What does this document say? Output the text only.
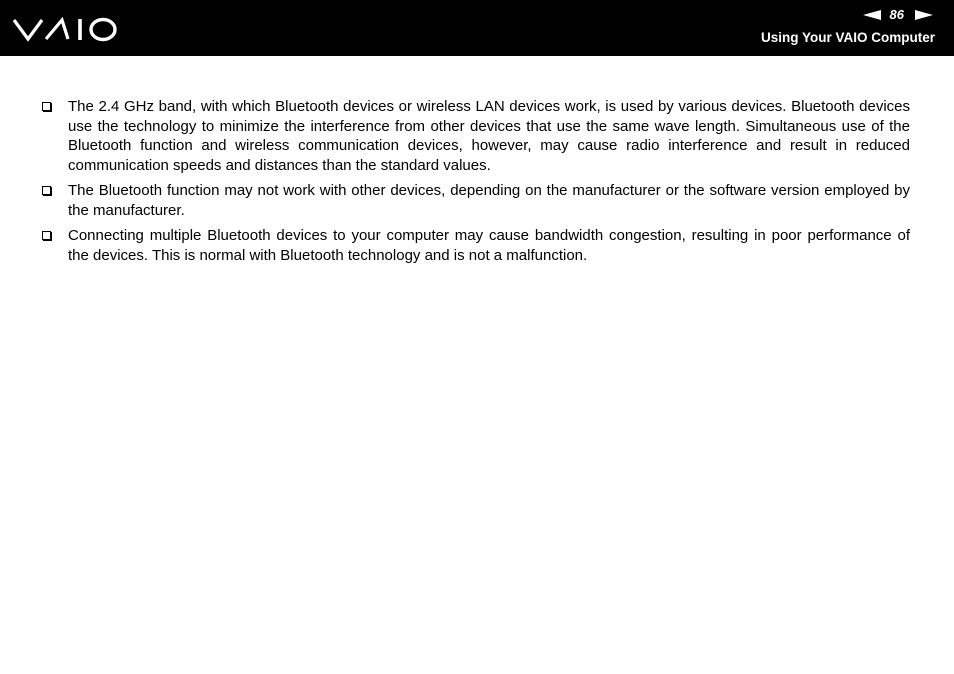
86
Using Your VAIO Computer
The 2.4 GHz band, with which Bluetooth devices or wireless LAN devices work, is used by various devices. Bluetooth devices use the technology to minimize the interference from other devices that use the same wave length. Simultaneous use of the Bluetooth function and wireless communication devices, however, may cause radio interference and result in reduced communication speeds and distances than the standard values.
The Bluetooth function may not work with other devices, depending on the manufacturer or the software version employed by the manufacturer.
Connecting multiple Bluetooth devices to your computer may cause bandwidth congestion, resulting in poor performance of the devices. This is normal with Bluetooth technology and is not a malfunction.
